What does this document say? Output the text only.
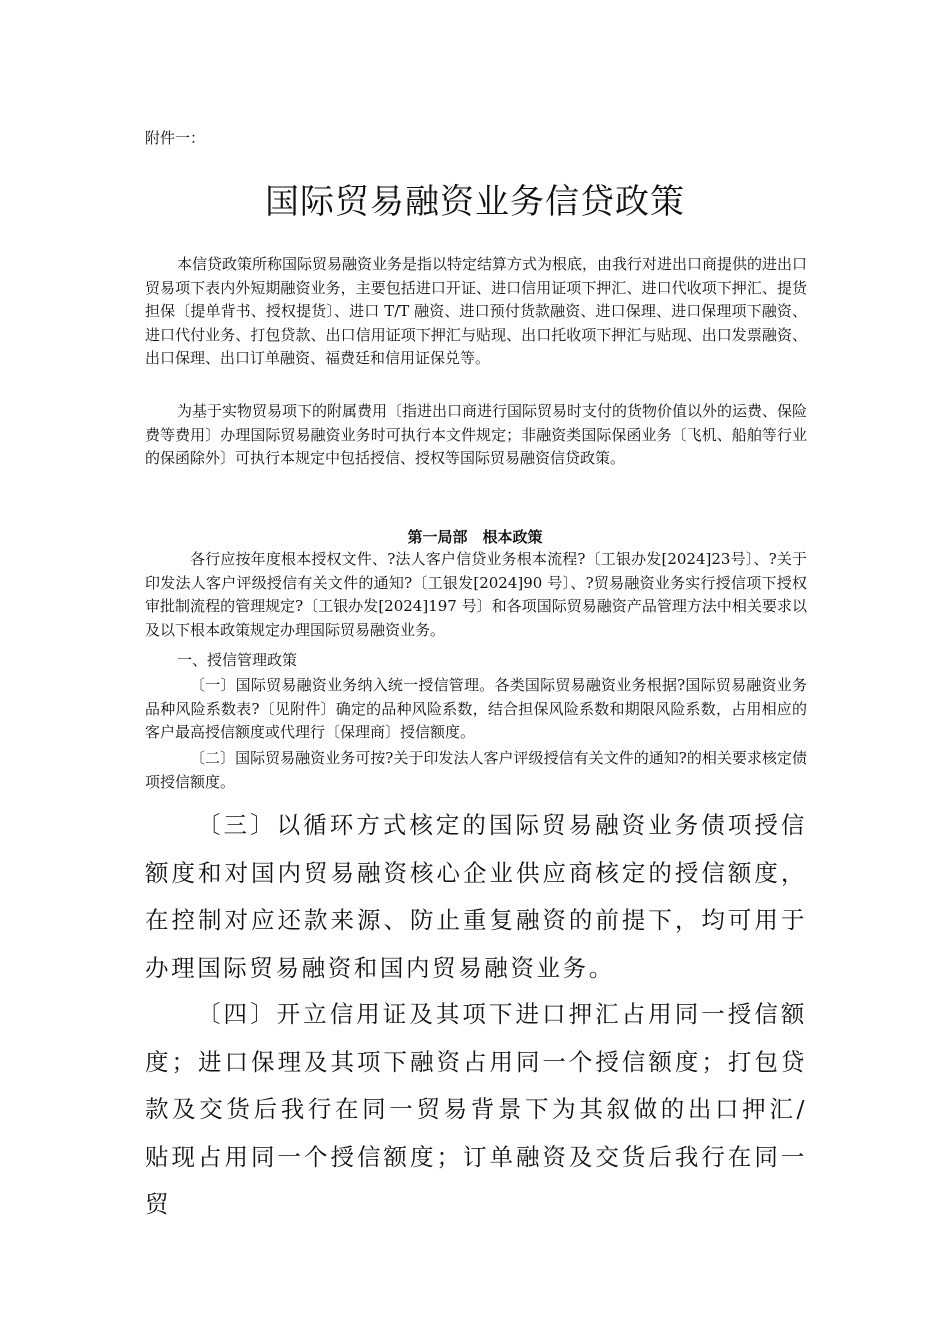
附件一：
国际贸易融资业务信贷政策

本信贷政策所称国际贸易融资业务是指以特定结算方式为根底，由我行对进出口商提供的进出口贸易项下表内外短期融资业务，主要包括进口开证、进口信用证项下押汇、进口代收项下押汇、提货担保〔提单背书、授权提货〕、进口 T/T 融资、进口预付货款融资、进口保理、进口保理项下融资、进口代付业务、打包贷款、出口信用证项下押汇与贴现、出口托收项下押汇与贴现、出口发票融资、出口保理、出口订单融资、福费廷和信用证保兑等。

为基于实物贸易项下的附属费用〔指进出口商进行国际贸易时支付的货物价值以外的运费、保险费等费用〕办理国际贸易融资业务时可执行本文件规定；非融资类国际保函业务〔飞机、船舶等行业的保函除外〕可执行本规定中包括授信、授权等国际贸易融资信贷政策。

第一局部　根本政策

各行应按年度根本授权文件、?法人客户信贷业务根本流程?〔工银办发[2024]23号〕、?关于印发法人客户评级授信有关文件的通知?〔工银发[2024]90 号〕、?贸易融资业务实行授信项下授权审批制流程的管理规定?〔工银办发[2024]197 号〕和各项国际贸易融资产品管理方法中相关要求以及以下根本政策规定办理国际贸易融资业务。

一、授信管理政策

〔一〕国际贸易融资业务纳入统一授信管理。各类国际贸易融资业务根据?国际贸易融资业务品种风险系数表?〔见附件〕确定的品种风险系数，结合担保风险系数和期限风险系数，占用相应的客户最高授信额度或代理行〔保理商〕授信额度。

〔二〕国际贸易融资业务可按?关于印发法人客户评级授信有关文件的通知?的相关要求核定债项授信额度。

〔三〕以循环方式核定的国际贸易融资业务债项授信额度和对国内贸易融资核心企业供应商核定的授信额度，在控制对应还款来源、防止重复融资的前提下，均可用于办理国际贸易融资和国内贸易融资业务。

〔四〕开立信用证及其项下进口押汇占用同一授信额度；进口保理及其项下融资占用同一个授信额度；打包贷款及交货后我行在同一贸易背景下为其叙做的出口押汇/贴现占用同一个授信额度；订单融资及交货后我行在同一贸
